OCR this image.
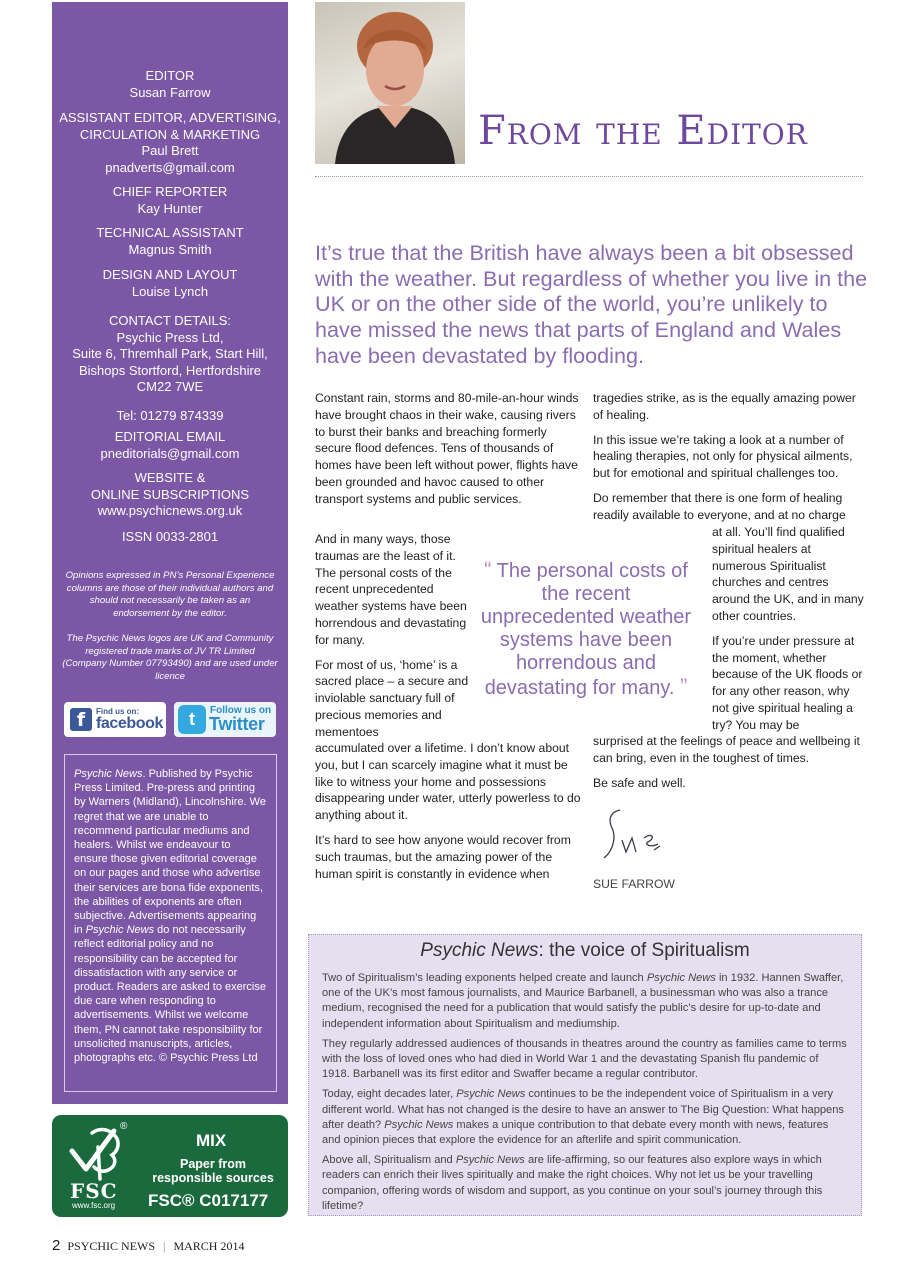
EDITOR
Susan Farrow
ASSISTANT EDITOR, ADVERTISING,
CIRCULATION & MARKETING
Paul Brett
pnadverts@gmail.com
CHIEF REPORTER
Kay Hunter
TECHNICAL ASSISTANT
Magnus Smith
DESIGN AND LAYOUT
Louise Lynch
CONTACT DETAILS:
Psychic Press Ltd,
Suite 6, Thremhall Park, Start Hill,
Bishops Stortford, Hertfordshire
CM22 7WE
Tel: 01279 874339
EDITORIAL EMAIL
pneditorials@gmail.com
WEBSITE &
ONLINE SUBSCRIPTIONS
www.psychicnews.org.uk
ISSN 0033-2801
Opinions expressed in PN’s Personal Experience columns are those of their individual authors and should not necessarily be taken as an endorsement by the editor.
The Psychic News logos are UK and Community registered trade marks of JV TR Limited (Company Number 07793490) and are used under licence
f	Find us on:
facebook	t	Follow us on
Twitter
Psychic News. Published by Psychic Press Limited. Pre-press and printing by Warners (Midland), Lincolnshire. We regret that we are unable to recommend particular mediums and healers. Whilst we endeavour to ensure those given editorial coverage on our pages and those who advertise their services are bona fide exponents, the abilities of exponents are often subjective. Advertisements appearing in Psychic News do not necessarily reflect editorial policy and no responsibility can be accepted for dissatisfaction with any service or product. Readers are asked to exercise due care when responding to advertisements. Whilst we welcome them, PN cannot take responsibility for unsolicited manuscripts, articles, photographs etc. © Psychic Press Ltd
®
FSC
www.fsc.org
MIX
Paper from
responsible sources
FSC® C017177
2 PSYCHIC NEWS | MARCH 2014
From the Editor
It’s true that the British have always been a bit obsessed with the weather. But regardless of whether you live in the UK or on the other side of the world, you’re unlikely to have missed the news that parts of England and Wales have been devastated by flooding.

Constant rain, storms and 80-mile-an-hour winds have brought chaos in their wake, causing rivers to burst their banks and breaching formerly secure flood defences. Tens of thousands of homes have been left without power, flights have been grounded and havoc caused to other transport systems and public services.

And in many ways, those traumas are the least of it. The personal costs of the recent unprecedented weather systems have been horrendous and devastating for many.

For most of us, ‘home’ is a sacred place – a secure and inviolable sanctuary full of precious memories and mementoes

accumulated over a lifetime. I don’t know about you, but I can scarcely imagine what it must be like to witness your home and possessions disappearing under water, utterly powerless to do anything about it.

It’s hard to see how anyone would recover from such traumas, but the amazing power of the human spirit is constantly in evidence when

tragedies strike, as is the equally amazing power of healing.

In this issue we’re taking a look at a number of healing therapies, not only for physical ailments, but for emotional and spiritual challenges too.

Do remember that there is one form of healing readily available to everyone, and at no charge

at all. You’ll find qualified spiritual healers at numerous Spiritualist churches and centres around the UK, and in many other countries.

If you’re under pressure at the moment, whether because of the UK floods or for any other reason, why not give spiritual healing a try? You may be

surprised at the feelings of peace and wellbeing it can bring, even in the toughest of times.

Be safe and well.

“ The personal costs of the recent unprecedented weather systems have been horrendous and devastating for many. ”
SUE FARROW
Psychic News: the voice of Spiritualism

Two of Spiritualism’s leading exponents helped create and launch Psychic News in 1932. Hannen Swaffer, one of the UK’s most famous journalists, and Maurice Barbanell, a businessman who was also a trance medium, recognised the need for a publication that would satisfy the public’s desire for up-to-date and independent information about Spiritualism and mediumship.

They regularly addressed audiences of thousands in theatres around the country as families came to terms with the loss of loved ones who had died in World War 1 and the devastating Spanish flu pandemic of 1918. Barbanell was its first editor and Swaffer became a regular contributor.

Today, eight decades later, Psychic News continues to be the independent voice of Spiritualism in a very different world. What has not changed is the desire to have an answer to The Big Question: What happens after death? Psychic News makes a unique contribution to that debate every month with news, features and opinion pieces that explore the evidence for an afterlife and spirit communication.

Above all, Spiritualism and Psychic News are life-affirming, so our features also explore ways in which readers can enrich their lives spiritually and make the right choices. Why not let us be your travelling companion, offering words of wisdom and support, as you continue on your soul’s journey through this lifetime?
